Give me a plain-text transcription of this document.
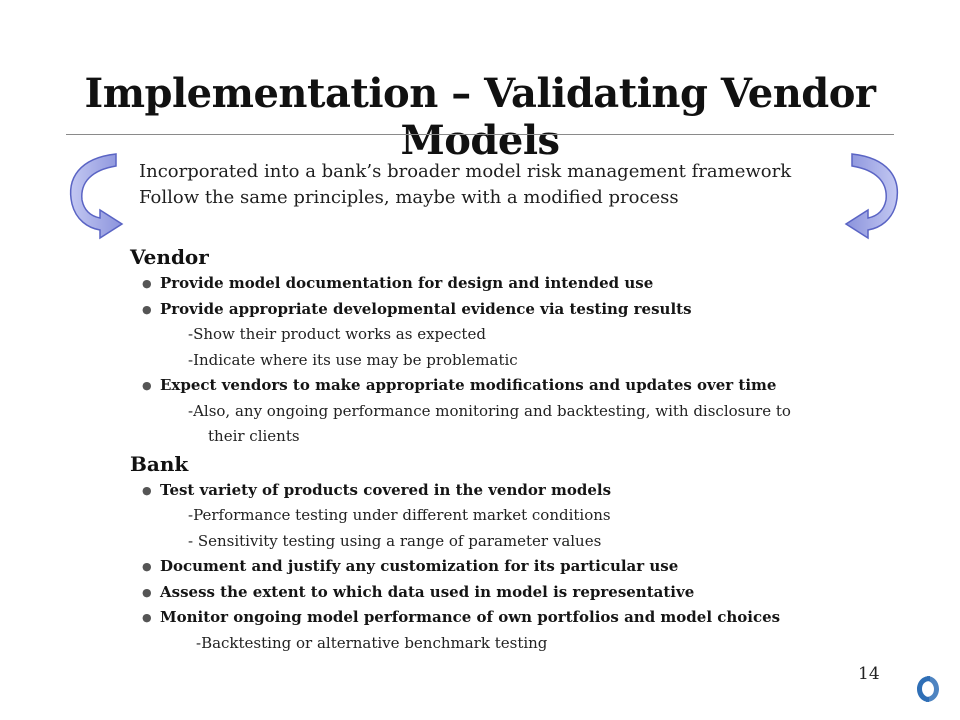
Implementation – Validating Vendor Models
Incorporated into a bank’s broader model risk management framework
Follow the same principles, maybe with a modified process
Vendor
● Provide model documentation for design and intended use
● Provide appropriate developmental evidence via testing results
-Show their product works as expected
-Indicate where its use may be problematic
● Expect vendors to make appropriate modifications and updates over time
-Also, any ongoing performance monitoring and backtesting, with disclosure to
their clients
Bank
● Test variety of products covered in the vendor models
-Performance testing under different market conditions
- Sensitivity testing using a range of parameter values
● Document and justify any customization for its particular use
● Assess the extent to which data used in model is representative
● Monitor ongoing model performance of own portfolios and model choices
-Backtesting or alternative benchmark testing
14
